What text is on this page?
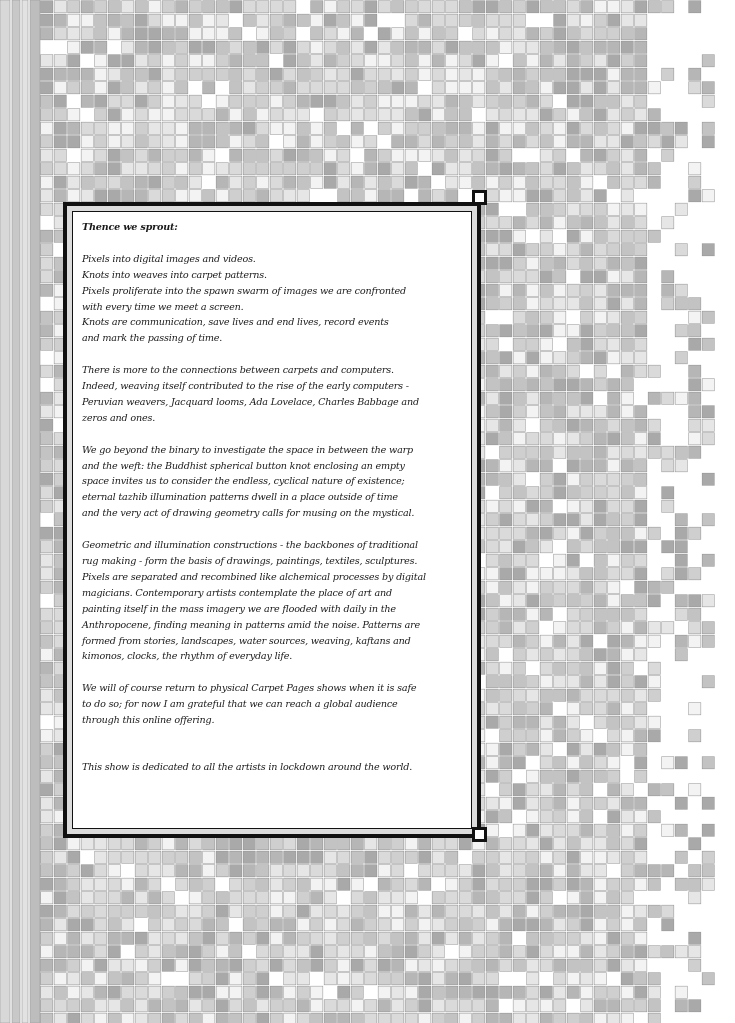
Thence we sprout:

Pixels into digital images and videos.
Knots into weaves into carpet patterns.
Pixels proliferate into the spawn swarm of images we are confronted
with every time we meet a screen.
Knots are communication, save lives and end lives, record events
and mark the passing of time.

There is more to the connections between carpets and computers.
Indeed, weaving itself contributed to the rise of the early computers -
Peruvian weavers, Jacquard looms, Ada Lovelace, Charles Babbage and
zeros and ones.

We go beyond the binary to investigate the space in between the warp
and the weft: the Buddhist spherical button knot enclosing an empty
space invites us to consider the endless, cyclical nature of existence;
eternal tazhib illumination patterns dwell in a place outside of time
and the very act of drawing geometry calls for musing on the mystical.

Geometric and illumination constructions - the backbones of traditional
rug making - form the basis of drawings, paintings, textiles, sculptures.
Pixels are separated and recombined like alchemical processes by digital
magicians. Contemporary artists contemplate the place of art and
painting itself in the mass imagery we are flooded with daily in the
Anthropocene, finding meaning in patterns amid the noise. Patterns are
formed from stories, landscapes, water sources, weaving, kaftans and
kimonos, clocks, the rhythm of everyday life.

We will of course return to physical Carpet Pages shows when it is safe
to do so; for now I am grateful that we can reach a global audience
through this online offering.

This show is dedicated to all the artists in lockdown around the world.
